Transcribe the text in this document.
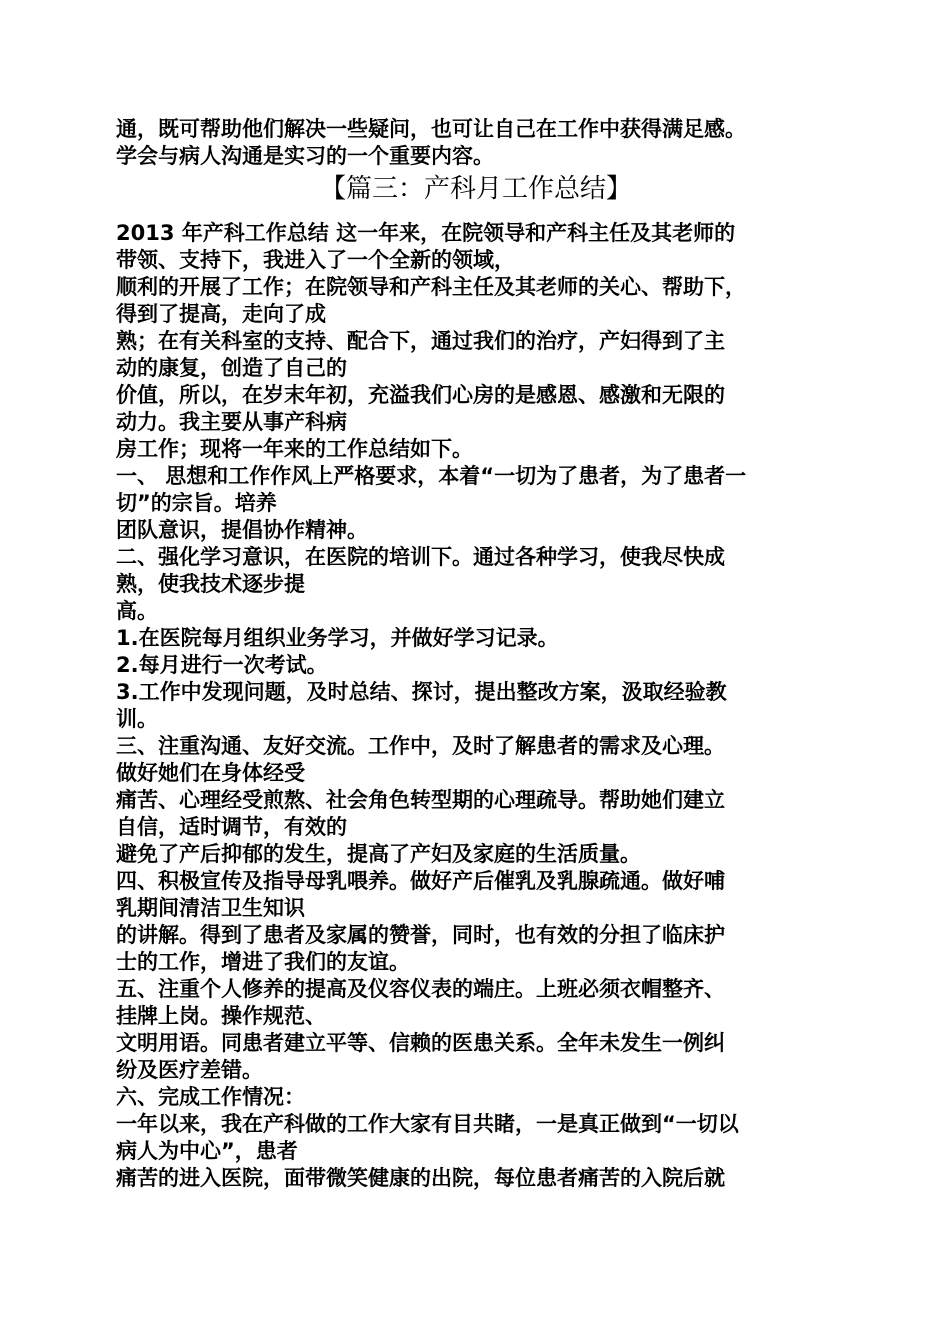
通，既可帮助他们解决一些疑问，也可让自己在工作中获得满足感。
学会与病人沟通是实习的一个重要内容。
【篇三：产科月工作总结】
2013 年产科工作总结 这一年来，在院领导和产科主任及其老师的
带领、支持下，我进入了一个全新的领域，
顺利的开展了工作；在院领导和产科主任及其老师的关心、帮助下，
得到了提高，走向了成
熟；在有关科室的支持、配合下，通过我们的治疗，产妇得到了主
动的康复，创造了自己的
价值，所以，在岁末年初，充溢我们心房的是感恩、感激和无限的
动力。我主要从事产科病
房工作；现将一年来的工作总结如下。
一、 思想和工作作风上严格要求，本着“一切为了患者，为了患者一
切”的宗旨。培养
团队意识，提倡协作精神。
二、强化学习意识，在医院的培训下。通过各种学习，使我尽快成
熟，使我技术逐步提
高。
1.在医院每月组织业务学习，并做好学习记录。
2.每月进行一次考试。
3.工作中发现问题，及时总结、探讨，提出整改方案，汲取经验教
训。
三、注重沟通、友好交流。工作中，及时了解患者的需求及心理。
做好她们在身体经受
痛苦、心理经受煎熬、社会角色转型期的心理疏导。帮助她们建立
自信，适时调节，有效的
避免了产后抑郁的发生，提高了产妇及家庭的生活质量。
四、积极宣传及指导母乳喂养。做好产后催乳及乳腺疏通。做好哺
乳期间清洁卫生知识
的讲解。得到了患者及家属的赞誉，同时，也有效的分担了临床护
士的工作，增进了我们的友谊。
五、注重个人修养的提高及仪容仪表的端庄。上班必须衣帽整齐、
挂牌上岗。操作规范、
文明用语。同患者建立平等、信赖的医患关系。全年未发生一例纠
纷及医疗差错。
六、完成工作情况：
一年以来，我在产科做的工作大家有目共睹，一是真正做到“一切以
病人为中心”，患者
痛苦的进入医院，面带微笑健康的出院，每位患者痛苦的入院后就
